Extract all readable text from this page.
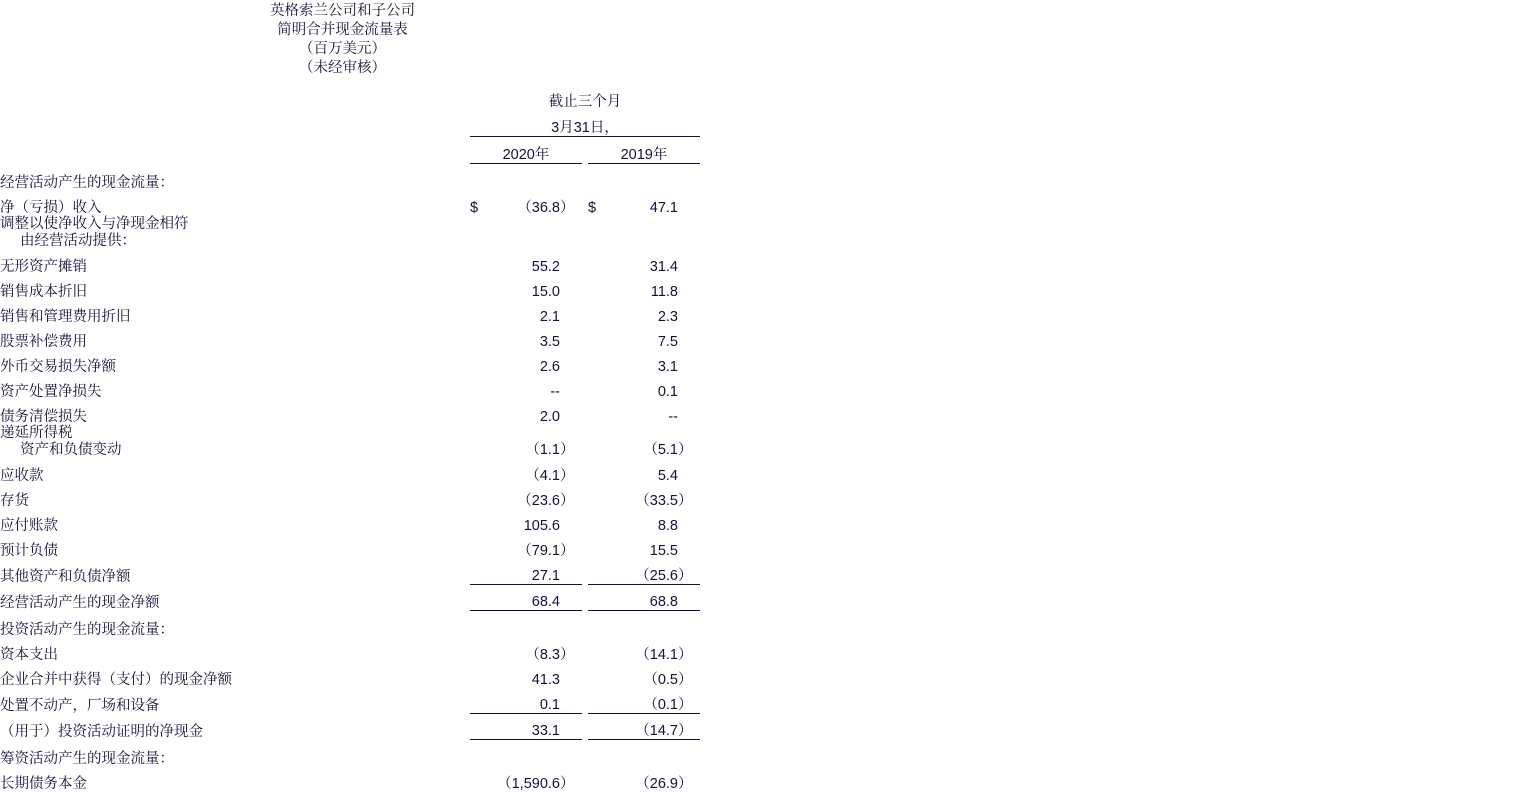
英格索兰公司和子公司
简明合并现金流量表
（百万美元）
（未经审核）
	截止三个月						
	3月31日，						
	2020年				2019年		
经营活动产生的现金流量：							
净（亏损）收入	$	（36.8	）		$	47.1	

调整以使净收入与净现金相符
由经营活动提供：							

无形资产摊销		55.2				31.4	
销售成本折旧		15.0				11.8	
销售和管理费用折旧		2.1				2.3	
股票补偿费用		3.5				7.5	
外币交易损失净额		2.6				3.1	
资产处置净损失		--				0.1	
债务清偿损失		2.0				--	

递延所得税
资产和负债变动		（1.1	）			（5.1	）
应收款		（4.1	）			5.4	
存货		（23.6	）			（33.5	）
应付账款		105.6				8.8	
预计负债		（79.1	）			15.5	
其他资产和负债净额		27.1				（25.6	）
经营活动产生的现金净额		68.4				68.8	
投资活动产生的现金流量：							
资本支出		（8.3	）			（14.1	）
企业合并中获得（支付）的现金净额		41.3				（0.5	）
处置不动产，厂场和设备		0.1				（0.1	）
（用于）投资活动证明的净现金		33.1				（14.7	）
筹资活动产生的现金流量：							
长期债务本金		（1,590.6	）			（26.9	）
